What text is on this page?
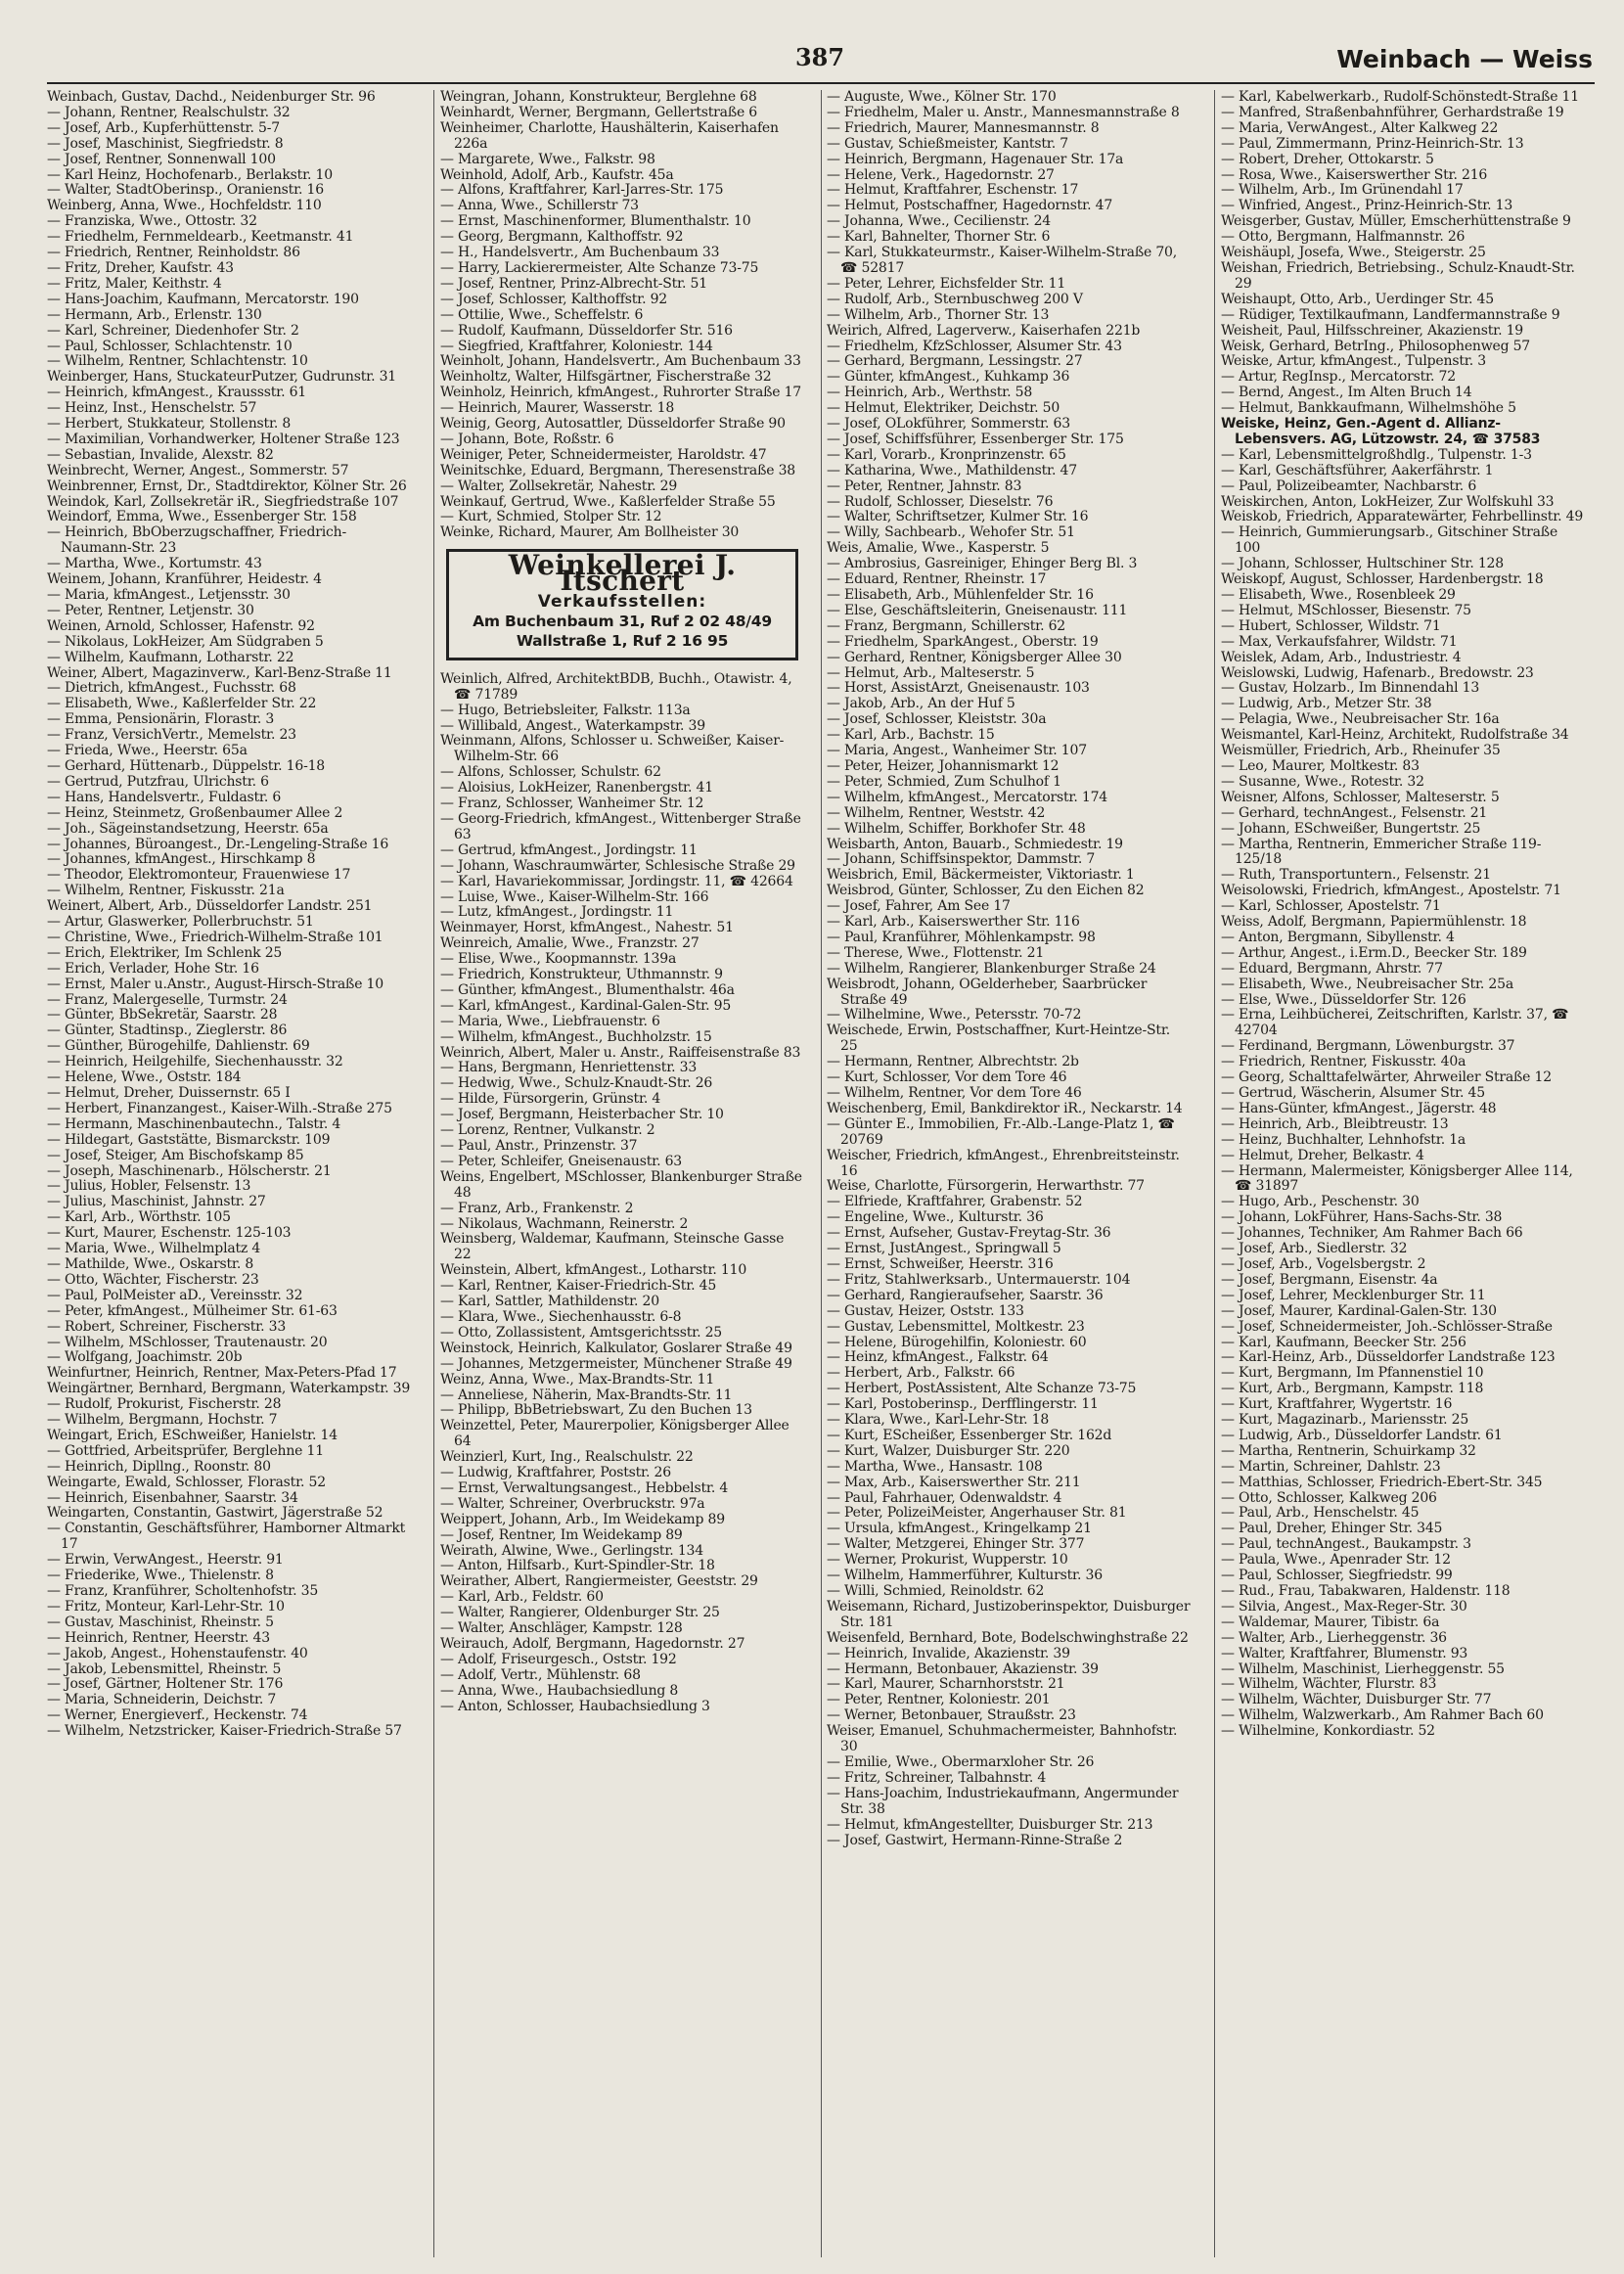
387	Weinbach — Weiss
Weinbach, Gustav, Dachd., Neidenburger Str. 96
— Johann, Rentner, Realschulstr. 32
— Josef, Arb., Kupferhüttenstr. 5-7
— Josef, Maschinist, Siegfriedstr. 8
— Josef, Rentner, Sonnenwall 100
— Karl Heinz, Hochofenarb., Berlakstr. 10
— Walter, StadtOberinsp., Oranienstr. 16
Weinberg, Anna, Wwe., Hochfeldstr. 110
— Franziska, Wwe., Ottostr. 32
— Friedhelm, Fernmeldearb., Keetmanstr. 41
— Friedrich, Rentner, Reinholdstr. 86
— Fritz, Dreher, Kaufstr. 43
— Fritz, Maler, Keithstr. 4
— Hans-Joachim, Kaufmann, Mercatorstr. 190
— Hermann, Arb., Erlenstr. 130
— Karl, Schreiner, Diedenhofer Str. 2
— Paul, Schlosser, Schlachtenstr. 10
— Wilhelm, Rentner, Schlachtenstr. 10
Weinberger, Hans, StuckateurPutzer, Gudrunstr. 31
— Heinrich, kfmAngest., Kraussstr. 61
— Heinz, Inst., Henschelstr. 57
— Herbert, Stukkateur, Stollenstr. 8
— Maximilian, Vorhandwerker, Holtener Straße 123
— Sebastian, Invalide, Alexstr. 82
Weinbrecht, Werner, Angest., Sommerstr. 57
Weinbrenner, Ernst, Dr., Stadtdirektor, Kölner Str. 26
Weindok, Karl, Zollsekretär iR., Siegfriedstraße 107
Weindorf, Emma, Wwe., Essenberger Str. 158
— Heinrich, BbOberzugschaffner, Friedrich-Naumann-Str. 23
— Martha, Wwe., Kortumstr. 43
Weinem, Johann, Kranführer, Heidestr. 4
— Maria, kfmAngest., Letjensstr. 30
— Peter, Rentner, Letjenstr. 30
Weinen, Arnold, Schlosser, Hafenstr. 92
— Nikolaus, LokHeizer, Am Südgraben 5
— Wilhelm, Kaufmann, Lotharstr. 22
Weiner, Albert, Magazinverw., Karl-Benz-Straße 11
— Dietrich, kfmAngest., Fuchsstr. 68
— Elisabeth, Wwe., Kaßlerfelder Str. 22
— Emma, Pensionärin, Florastr. 3
— Franz, VersichVertr., Memelstr. 23
— Frieda, Wwe., Heerstr. 65a
— Gerhard, Hüttenarb., Düppelstr. 16-18
— Gertrud, Putzfrau, Ulrichstr. 6
— Hans, Handelsvertr., Fuldastr. 6
— Heinz, Steinmetz, Großenbaumer Allee 2
— Joh., Sägeinstandsetzung, Heerstr. 65a
— Johannes, Büroangest., Dr.-Lengeling-Straße 16
— Johannes, kfmAngest., Hirschkamp 8
— Theodor, Elektromonteur, Frauenwiese 17
— Wilhelm, Rentner, Fiskusstr. 21a
Weinert, Albert, Arb., Düsseldorfer Landstr. 251
— Artur, Glaswerker, Pollerbruchstr. 51
— Christine, Wwe., Friedrich-Wilhelm-Straße 101
— Erich, Elektriker, Im Schlenk 25
— Erich, Verlader, Hohe Str. 16
— Ernst, Maler u.Anstr., August-Hirsch-Straße 10
— Franz, Malergeselle, Turmstr. 24
— Günter, BbSekretär, Saarstr. 28
— Günter, Stadtinsp., Zieglerstr. 86
— Günther, Bürogehilfe, Dahlienstr. 69
— Heinrich, Heilgehilfe, Siechenhausstr. 32
— Helene, Wwe., Oststr. 184
— Helmut, Dreher, Duissernstr. 65 I
— Herbert, Finanzangest., Kaiser-Wilh.-Straße 275
— Hermann, Maschinenbautechn., Talstr. 4
— Hildegart, Gaststätte, Bismarckstr. 109
— Josef, Steiger, Am Bischofskamp 85
— Joseph, Maschinenarb., Hölscherstr. 21
— Julius, Hobler, Felsenstr. 13
— Julius, Maschinist, Jahnstr. 27
— Karl, Arb., Wörthstr. 105
— Kurt, Maurer, Eschenstr. 125-103
— Maria, Wwe., Wilhelmplatz 4
— Mathilde, Wwe., Oskarstr. 8
— Otto, Wächter, Fischerstr. 23
— Paul, PolMeister aD., Vereinsstr. 32
— Peter, kfmAngest., Mülheimer Str. 61-63
— Robert, Schreiner, Fischerstr. 33
— Wilhelm, MSchlosser, Trautenaustr. 20
— Wolfgang, Joachimstr. 20b
Weinfurtner, Heinrich, Rentner, Max-Peters-Pfad 17
Weingärtner, Bernhard, Bergmann, Waterkampstr. 39
— Rudolf, Prokurist, Fischerstr. 28
— Wilhelm, Bergmann, Hochstr. 7
Weingart, Erich, ESchweißer, Hanielstr. 14
— Gottfried, Arbeitsprüfer, Berglehne 11
— Heinrich, Dipllng., Roonstr. 80
Weingarte, Ewald, Schlosser, Florastr. 52
— Heinrich, Eisenbahner, Saarstr. 34
Weingarten, Constantin, Gastwirt, Jägerstraße 52
— Constantin, Geschäftsführer, Hamborner Altmarkt 17
— Erwin, VerwAngest., Heerstr. 91
— Friederike, Wwe., Thielenstr. 8
— Franz, Kranführer, Scholtenhofstr. 35
— Fritz, Monteur, Karl-Lehr-Str. 10
— Gustav, Maschinist, Rheinstr. 5
— Heinrich, Rentner, Heerstr. 43
— Jakob, Angest., Hohenstaufenstr. 40
— Jakob, Lebensmittel, Rheinstr. 5
— Josef, Gärtner, Holtener Str. 176
— Maria, Schneiderin, Deichstr. 7
— Werner, Energieverf., Heckenstr. 74
— Wilhelm, Netzstricker, Kaiser-Friedrich-Straße 57
Weingran, Johann, Konstrukteur, Berglehne 68
Weinhardt, Werner, Bergmann, Gellertstraße 6
Weinheimer, Charlotte, Haushälterin, Kaiserhafen 226a
— Margarete, Wwe., Falkstr. 98
Weinhold, Adolf, Arb., Kaufstr. 45a
— Alfons, Kraftfahrer, Karl-Jarres-Str. 175
— Anna, Wwe., Schillerstr 73
— Ernst, Maschinenformer, Blumenthalstr. 10
— Georg, Bergmann, Kalthoffstr. 92
— H., Handelsvertr., Am Buchenbaum 33
— Harry, Lackierermeister, Alte Schanze 73-75
— Josef, Rentner, Prinz-Albrecht-Str. 51
— Josef, Schlosser, Kalthoffstr. 92
— Ottilie, Wwe., Scheffelstr. 6
— Rudolf, Kaufmann, Düsseldorfer Str. 516
— Siegfried, Kraftfahrer, Koloniestr. 144
Weinholt, Johann, Handelsvertr., Am Buchenbaum 33
Weinholtz, Walter, Hilfsgärtner, Fischerstraße 32
Weinholz, Heinrich, kfmAngest., Ruhrorter Straße 17
— Heinrich, Maurer, Wasserstr. 18
Weinig, Georg, Autosattler, Düsseldorfer Straße 90
— Johann, Bote, Roßstr. 6
Weiniger, Peter, Schneidermeister, Haroldstr. 47
Weinitschke, Eduard, Bergmann, Theresenstraße 38
— Walter, Zollsekretär, Nahestr. 29
Weinkauf, Gertrud, Wwe., Kaßlerfelder Straße 55
— Kurt, Schmied, Stolper Str. 12
Weinke, Richard, Maurer, Am Bollheister 30
Weinkellerei J. Itschert
Verkaufsstellen:
Am Buchenbaum 31, Ruf 2 02 48/49
Wallstraße 1, Ruf 2 16 95
Weinlich, Alfred, ArchitektBDB, Buchh., Otawistr. 4, ☎ 71789
— Hugo, Betriebsleiter, Falkstr. 113a
— Willibald, Angest., Waterkampstr. 39
Weinmann, Alfons, Schlosser u. Schweißer, Kaiser-Wilhelm-Str. 66
— Alfons, Schlosser, Schulstr. 62
— Aloisius, LokHeizer, Ranenbergstr. 41
— Franz, Schlosser, Wanheimer Str. 12
— Georg-Friedrich, kfmAngest., Wittenberger Straße 63
— Gertrud, kfmAngest., Jordingstr. 11
— Johann, Waschraumwärter, Schlesische Straße 29
— Karl, Havariekommissar, Jordingstr. 11, ☎ 42664
— Luise, Wwe., Kaiser-Wilhelm-Str. 166
— Lutz, kfmAngest., Jordingstr. 11
Weinmayer, Horst, kfmAngest., Nahestr. 51
Weinreich, Amalie, Wwe., Franzstr. 27
— Elise, Wwe., Koopmannstr. 139a
— Friedrich, Konstrukteur, Uthmannstr. 9
— Günther, kfmAngest., Blumenthalstr. 46a
— Karl, kfmAngest., Kardinal-Galen-Str. 95
— Maria, Wwe., Liebfrauenstr. 6
— Wilhelm, kfmAngest., Buchholzstr. 15
Weinrich, Albert, Maler u. Anstr., Raiffeisenstraße 83
— Hans, Bergmann, Henriettenstr. 33
— Hedwig, Wwe., Schulz-Knaudt-Str. 26
— Hilde, Fürsorgerin, Grünstr. 4
— Josef, Bergmann, Heisterbacher Str. 10
— Lorenz, Rentner, Vulkanstr. 2
— Paul, Anstr., Prinzenstr. 37
— Peter, Schleifer, Gneisenaustr. 63
Weins, Engelbert, MSchlosser, Blankenburger Straße 48
— Franz, Arb., Frankenstr. 2
— Nikolaus, Wachmann, Reinerstr. 2
Weinsberg, Waldemar, Kaufmann, Steinsche Gasse 22
Weinstein, Albert, kfmAngest., Lotharstr. 110
— Karl, Rentner, Kaiser-Friedrich-Str. 45
— Karl, Sattler, Mathildenstr. 20
— Klara, Wwe., Siechenhausstr. 6-8
— Otto, Zollassistent, Amtsgerichtsstr. 25
Weinstock, Heinrich, Kalkulator, Goslarer Straße 49
— Johannes, Metzgermeister, Münchener Straße 49
Weinz, Anna, Wwe., Max-Brandts-Str. 11
— Anneliese, Näherin, Max-Brandts-Str. 11
— Philipp, BbBetriebswart, Zu den Buchen 13
Weinzettel, Peter, Maurerpolier, Königsberger Allee 64
Weinzierl, Kurt, Ing., Realschulstr. 22
— Ludwig, Kraftfahrer, Poststr. 26
— Ernst, Verwaltungsangest., Hebbelstr. 4
— Walter, Schreiner, Overbruckstr. 97a
Weippert, Johann, Arb., Im Weidekamp 89
— Josef, Rentner, Im Weidekamp 89
Weirath, Alwine, Wwe., Gerlingstr. 134
— Anton, Hilfsarb., Kurt-Spindler-Str. 18
Weirather, Albert, Rangiermeister, Geeststr. 29
— Karl, Arb., Feldstr. 60
— Walter, Rangierer, Oldenburger Str. 25
— Walter, Anschläger, Kampstr. 128
Weirauch, Adolf, Bergmann, Hagedornstr. 27
— Adolf, Friseurgesch., Oststr. 192
— Adolf, Vertr., Mühlenstr. 68
— Anna, Wwe., Haubachsiedlung 8
— Anton, Schlosser, Haubachsiedlung 3
— Auguste, Wwe., Kölner Str. 170
— Friedhelm, Maler u. Anstr., Mannesmannstraße 8
— Friedrich, Maurer, Mannesmannstr. 8
— Gustav, Schießmeister, Kantstr. 7
— Heinrich, Bergmann, Hagenauer Str. 17a
— Helene, Verk., Hagedornstr. 27
— Helmut, Kraftfahrer, Eschenstr. 17
— Helmut, Postschaffner, Hagedornstr. 47
— Johanna, Wwe., Cecilienstr. 24
— Karl, Bahnelter, Thorner Str. 6
— Karl, Stukkateurmstr., Kaiser-Wilhelm-Straße 70, ☎ 52817
— Peter, Lehrer, Eichsfelder Str. 11
— Rudolf, Arb., Sternbuschweg 200 V
— Wilhelm, Arb., Thorner Str. 13
Weirich, Alfred, Lagerverw., Kaiserhafen 221b
— Friedhelm, KfzSchlosser, Alsumer Str. 43
— Gerhard, Bergmann, Lessingstr. 27
— Günter, kfmAngest., Kuhkamp 36
— Heinrich, Arb., Werthstr. 58
— Helmut, Elektriker, Deichstr. 50
— Josef, OLokführer, Sommerstr. 63
— Josef, Schiffsführer, Essenberger Str. 175
— Karl, Vorarb., Kronprinzenstr. 65
— Katharina, Wwe., Mathildenstr. 47
— Peter, Rentner, Jahnstr. 83
— Rudolf, Schlosser, Dieselstr. 76
— Walter, Schriftsetzer, Kulmer Str. 16
— Willy, Sachbearb., Wehofer Str. 51
Weis, Amalie, Wwe., Kasperstr. 5
— Ambrosius, Gasreiniger, Ehinger Berg Bl. 3
— Eduard, Rentner, Rheinstr. 17
— Elisabeth, Arb., Mühlenfelder Str. 16
— Else, Geschäftsleiterin, Gneisenaustr. 111
— Franz, Bergmann, Schillerstr. 62
— Friedhelm, SparkAngest., Oberstr. 19
— Gerhard, Rentner, Königsberger Allee 30
— Helmut, Arb., Malteserstr. 5
— Horst, AssistArzt, Gneisenaustr. 103
— Jakob, Arb., An der Huf 5
— Josef, Schlosser, Kleiststr. 30a
— Karl, Arb., Bachstr. 15
— Maria, Angest., Wanheimer Str. 107
— Peter, Heizer, Johannismarkt 12
— Peter, Schmied, Zum Schulhof 1
— Wilhelm, kfmAngest., Mercatorstr. 174
— Wilhelm, Rentner, Weststr. 42
— Wilhelm, Schiffer, Borkhofer Str. 48
Weisbarth, Anton, Bauarb., Schmiedestr. 19
— Johann, Schiffsinspektor, Dammstr. 7
Weisbrich, Emil, Bäckermeister, Viktoriastr. 1
Weisbrod, Günter, Schlosser, Zu den Eichen 82
— Josef, Fahrer, Am See 17
— Karl, Arb., Kaiserswerther Str. 116
— Paul, Kranführer, Möhlenkampstr. 98
— Therese, Wwe., Flottenstr. 21
— Wilhelm, Rangierer, Blankenburger Straße 24
Weisbrodt, Johann, OGelderheber, Saarbrücker Straße 49
— Wilhelmine, Wwe., Petersstr. 70-72
Weischede, Erwin, Postschaffner, Kurt-Heintze-Str. 25
— Hermann, Rentner, Albrechtstr. 2b
— Kurt, Schlosser, Vor dem Tore 46
— Wilhelm, Rentner, Vor dem Tore 46
Weischenberg, Emil, Bankdirektor iR., Neckarstr. 14
— Günter E., Immobilien, Fr.-Alb.-Lange-Platz 1, ☎ 20769
Weischer, Friedrich, kfmAngest., Ehrenbreitsteinstr. 16
Weise, Charlotte, Fürsorgerin, Herwarthstr. 77
— Elfriede, Kraftfahrer, Grabenstr. 52
— Engeline, Wwe., Kulturstr. 36
— Ernst, Aufseher, Gustav-Freytag-Str. 36
— Ernst, JustAngest., Springwall 5
— Ernst, Schweißer, Heerstr. 316
— Fritz, Stahlwerksarb., Untermauerstr. 104
— Gerhard, Rangieraufseher, Saarstr. 36
— Gustav, Heizer, Oststr. 133
— Gustav, Lebensmittel, Moltkestr. 23
— Helene, Bürogehilfin, Koloniestr. 60
— Heinz, kfmAngest., Falkstr. 64
— Herbert, Arb., Falkstr. 66
— Herbert, PostAssistent, Alte Schanze 73-75
— Karl, Postoberinsp., Derfflingerstr. 11
— Klara, Wwe., Karl-Lehr-Str. 18
— Kurt, EScheißer, Essenberger Str. 162d
— Kurt, Walzer, Duisburger Str. 220
— Martha, Wwe., Hansastr. 108
— Max, Arb., Kaiserswerther Str. 211
— Paul, Fahrhauer, Odenwaldstr. 4
— Peter, PolizeiMeister, Angerhauser Str. 81
— Ursula, kfmAngest., Kringelkamp 21
— Walter, Metzgerei, Ehinger Str. 377
— Werner, Prokurist, Wupperstr. 10
— Wilhelm, Hammerführer, Kulturstr. 36
— Willi, Schmied, Reinoldstr. 62
Weisemann, Richard, Justizoberinspektor, Duisburger Str. 181
Weisenfeld, Bernhard, Bote, Bodelschwinghstraße 22
— Heinrich, Invalide, Akazienstr. 39
— Hermann, Betonbauer, Akazienstr. 39
— Karl, Maurer, Scharnhorststr. 21
— Peter, Rentner, Koloniestr. 201
— Werner, Betonbauer, Straußstr. 23
Weiser, Emanuel, Schuhmachermeister, Bahnhofstr. 30
— Emilie, Wwe., Obermarxloher Str. 26
— Fritz, Schreiner, Talbahnstr. 4
— Hans-Joachim, Industriekaufmann, Angermunder Str. 38
— Helmut, kfmAngestellter, Duisburger Str. 213
— Josef, Gastwirt, Hermann-Rinne-Straße 2
— Karl, Kabelwerkarb., Rudolf-Schönstedt-Straße 11
— Manfred, Straßenbahnführer, Gerhardstraße 19
— Maria, VerwAngest., Alter Kalkweg 22
— Paul, Zimmermann, Prinz-Heinrich-Str. 13
— Robert, Dreher, Ottokarstr. 5
— Rosa, Wwe., Kaiserswerther Str. 216
— Wilhelm, Arb., Im Grünendahl 17
— Winfried, Angest., Prinz-Heinrich-Str. 13
Weisgerber, Gustav, Müller, Emscherhüttenstraße 9
— Otto, Bergmann, Halfmannstr. 26
Weishäupl, Josefa, Wwe., Steigerstr. 25
Weishan, Friedrich, Betriebsing., Schulz-Knaudt-Str. 29
Weishaupt, Otto, Arb., Uerdinger Str. 45
— Rüdiger, Textilkaufmann, Landfermannstraße 9
Weisheit, Paul, Hilfsschreiner, Akazienstr. 19
Weisk, Gerhard, BetrIng., Philosophenweg 57
Weiske, Artur, kfmAngest., Tulpenstr. 3
— Artur, RegInsp., Mercatorstr. 72
— Bernd, Angest., Im Alten Bruch 14
— Helmut, Bankkaufmann, Wilhelmshöhe 5
Weiske, Heinz, Gen.-Agent d. Allianz-Lebensvers. AG, Lützowstr. 24, ☎ 37583
— Karl, Lebensmittelgroßhdlg., Tulpenstr. 1-3
— Karl, Geschäftsführer, Aakerfährstr. 1
— Paul, Polizeibeamter, Nachbarstr. 6
Weiskirchen, Anton, LokHeizer, Zur Wolfskuhl 33
Weiskob, Friedrich, Apparatewärter, Fehrbellinstr. 49
— Heinrich, Gummierungsarb., Gitschiner Straße 100
— Johann, Schlosser, Hultschiner Str. 128
Weiskopf, August, Schlosser, Hardenbergstr. 18
— Elisabeth, Wwe., Rosenbleek 29
— Helmut, MSchlosser, Biesenstr. 75
— Hubert, Schlosser, Wildstr. 71
— Max, Verkaufsfahrer, Wildstr. 71
Weislek, Adam, Arb., Industriestr. 4
Weislowski, Ludwig, Hafenarb., Bredowstr. 23
— Gustav, Holzarb., Im Binnendahl 13
— Ludwig, Arb., Metzer Str. 38
— Pelagia, Wwe., Neubreisacher Str. 16a
Weismantel, Karl-Heinz, Architekt, Rudolfstraße 34
Weismüller, Friedrich, Arb., Rheinufer 35
— Leo, Maurer, Moltkestr. 83
— Susanne, Wwe., Rotestr. 32
Weisner, Alfons, Schlosser, Malteserstr. 5
— Gerhard, technAngest., Felsenstr. 21
— Johann, ESchweißer, Bungertstr. 25
— Martha, Rentnerin, Emmericher Straße 119-125/18
— Ruth, Transportuntern., Felsenstr. 21
Weisolowski, Friedrich, kfmAngest., Apostelstr. 71
— Karl, Schlosser, Apostelstr. 71
Weiss, Adolf, Bergmann, Papiermühlenstr. 18
— Anton, Bergmann, Sibyllenstr. 4
— Arthur, Angest., i.Erm.D., Beecker Str. 189
— Eduard, Bergmann, Ahrstr. 77
— Elisabeth, Wwe., Neubreisacher Str. 25a
— Else, Wwe., Düsseldorfer Str. 126
— Erna, Leihbücherei, Zeitschriften, Karlstr. 37, ☎ 42704
— Ferdinand, Bergmann, Löwenburgstr. 37
— Friedrich, Rentner, Fiskusstr. 40a
— Georg, Schalttafelwärter, Ahrweiler Straße 12
— Gertrud, Wäscherin, Alsumer Str. 45
— Hans-Günter, kfmAngest., Jägerstr. 48
— Heinrich, Arb., Bleibtreustr. 13
— Heinz, Buchhalter, Lehnhofstr. 1a
— Helmut, Dreher, Belkastr. 4
— Hermann, Malermeister, Königsberger Allee 114, ☎ 31897
— Hugo, Arb., Peschenstr. 30
— Johann, LokFührer, Hans-Sachs-Str. 38
— Johannes, Techniker, Am Rahmer Bach 66
— Josef, Arb., Siedlerstr. 32
— Josef, Arb., Vogelsbergstr. 2
— Josef, Bergmann, Eisenstr. 4a
— Josef, Lehrer, Mecklenburger Str. 11
— Josef, Maurer, Kardinal-Galen-Str. 130
— Josef, Schneidermeister, Joh.-Schlösser-Straße
— Karl, Kaufmann, Beecker Str. 256
— Karl-Heinz, Arb., Düsseldorfer Landstraße 123
— Kurt, Bergmann, Im Pfannenstiel 10
— Kurt, Arb., Bergmann, Kampstr. 118
— Kurt, Kraftfahrer, Wygertstr. 16
— Kurt, Magazinarb., Mariensstr. 25
— Ludwig, Arb., Düsseldorfer Landstr. 61
— Martha, Rentnerin, Schuirkamp 32
— Martin, Schreiner, Dahlstr. 23
— Matthias, Schlosser, Friedrich-Ebert-Str. 345
— Otto, Schlosser, Kalkweg 206
— Paul, Arb., Henschelstr. 45
— Paul, Dreher, Ehinger Str. 345
— Paul, technAngest., Baukampstr. 3
— Paula, Wwe., Apenrader Str. 12
— Paul, Schlosser, Siegfriedstr. 99
— Rud., Frau, Tabakwaren, Haldenstr. 118
— Silvia, Angest., Max-Reger-Str. 30
— Waldemar, Maurer, Tibistr. 6a
— Walter, Arb., Lierheggenstr. 36
— Walter, Kraftfahrer, Blumenstr. 93
— Wilhelm, Maschinist, Lierheggenstr. 55
— Wilhelm, Wächter, Flurstr. 83
— Wilhelm, Wächter, Duisburger Str. 77
— Wilhelm, Walzwerkarb., Am Rahmer Bach 60
— Wilhelmine, Konkordiastr. 52
